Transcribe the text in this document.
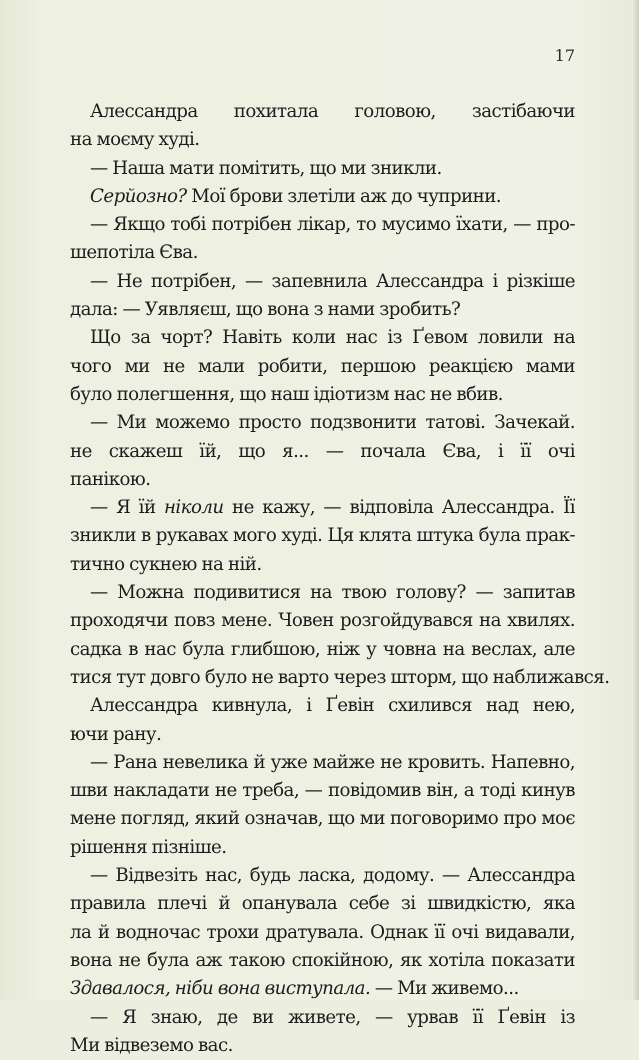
17
Алессандра похитала головою, застібаючи
на моєму худі.
— Наша мати помітить, що ми зникли.
Серйозно? Мої брови злетіли аж до чуприни.
— Якщо тобі потрібен лікар, то мусимо їхати, — про-
шепотіла Єва.
— Не потрібен, — запевнила Алессандра і різкіше
дала: — Уявляєш, що вона з нами зробить?
Що за чорт? Навіть коли нас із Ґевом ловили на
чого ми не мали робити, першою реакцією мами
було полегшення, що наш ідіотизм нас не вбив.
— Ми можемо просто подзвонити татові. Зачекай.
не скажеш їй, що я... — почала Єва, і її очі
панікою.
— Я їй ніколи не кажу, — відповіла Алессандра. Її
зникли в рукавах мого худі. Ця клята штука була прак-
тично сукнею на ній.
— Можна подивитися на твою голову? — запитав
проходячи повз мене. Човен розгойдувався на хвилях.
садка в нас була глибшою, ніж у човна на веслах, але
тися тут довго було не варто через шторм, що наближався.
Алессандра кивнула, і Ґевін схилився над нею,
ючи рану.
— Рана невелика й уже майже не кровить. Напевно,
шви накладати не треба, — повідомив він, а тоді кинув
мене погляд, який означав, що ми поговоримо про моє
рішення пізніше.
— Відвезіть нас, будь ласка, додому. — Алессандра
правила плечі й опанувала себе зі швидкістю, яка
ла й водночас трохи дратувала. Однак її очі видавали,
вона не була аж такою спокійною, як хотіла показати
Здавалося, ніби вона виступала. — Ми живемо...
— Я знаю, де ви живете, — урвав її Ґевін із
Ми відвеземо вас.
